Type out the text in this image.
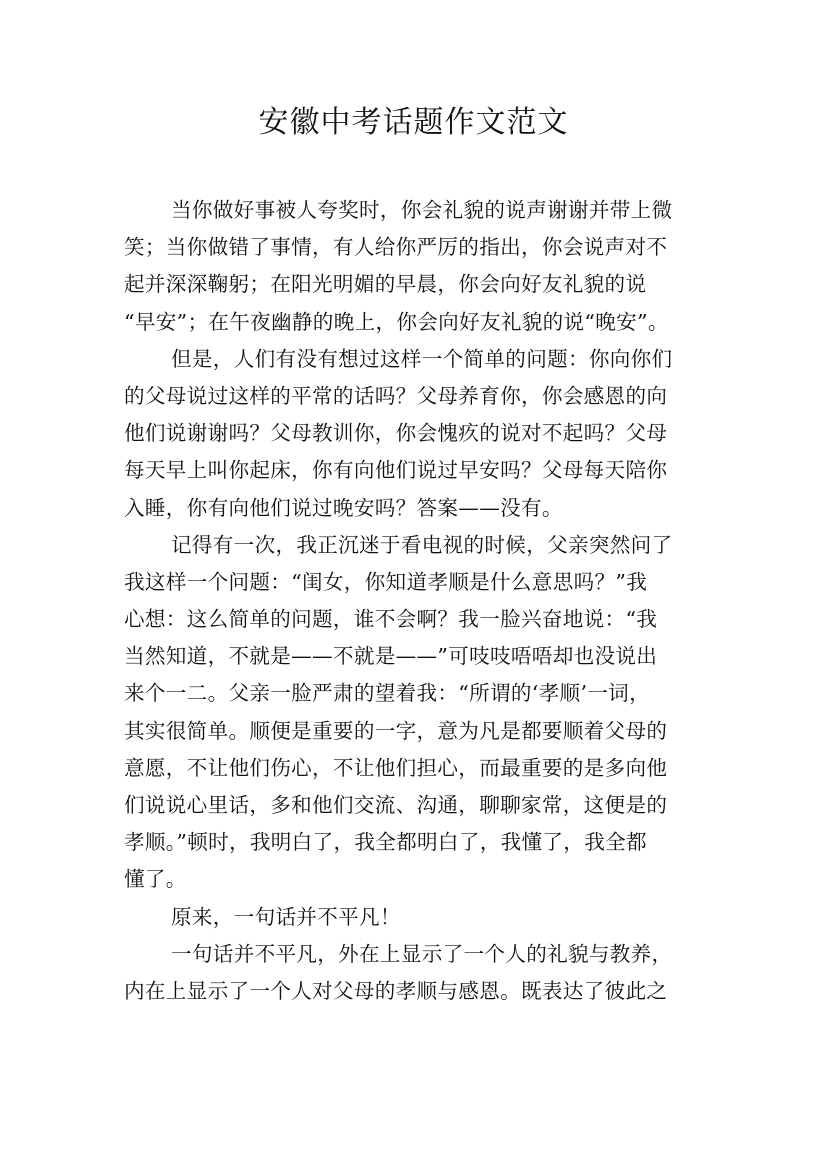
安徽中考话题作文范文
当你做好事被人夸奖时，你会礼貌的说声谢谢并带上微
笑；当你做错了事情，有人给你严厉的指出，你会说声对不
起并深深鞠躬；在阳光明媚的早晨，你会向好友礼貌的说
“早安”；在午夜幽静的晚上，你会向好友礼貌的说“晚安”。
但是，人们有没有想过这样一个简单的问题：你向你们
的父母说过这样的平常的话吗？父母养育你，你会感恩的向
他们说谢谢吗？父母教训你，你会愧疚的说对不起吗？父母
每天早上叫你起床，你有向他们说过早安吗？父母每天陪你
入睡，你有向他们说过晚安吗？答案——没有。
记得有一次，我正沉迷于看电视的时候，父亲突然问了
我这样一个问题：“闺女，你知道孝顺是什么意思吗？”我
心想：这么简单的问题，谁不会啊？我一脸兴奋地说：“我
当然知道，不就是——不就是——”可吱吱唔唔却也没说出
来个一二。父亲一脸严肃的望着我：“所谓的‘孝顺’一词，
其实很简单。顺便是重要的一字，意为凡是都要顺着父母的
意愿，不让他们伤心，不让他们担心，而最重要的是多向他
们说说心里话，多和他们交流、沟通，聊聊家常，这便是的
孝顺。”顿时，我明白了，我全都明白了，我懂了，我全都
懂了。
原来，一句话并不平凡！
一句话并不平凡，外在上显示了一个人的礼貌与教养，
内在上显示了一个人对父母的孝顺与感恩。既表达了彼此之
